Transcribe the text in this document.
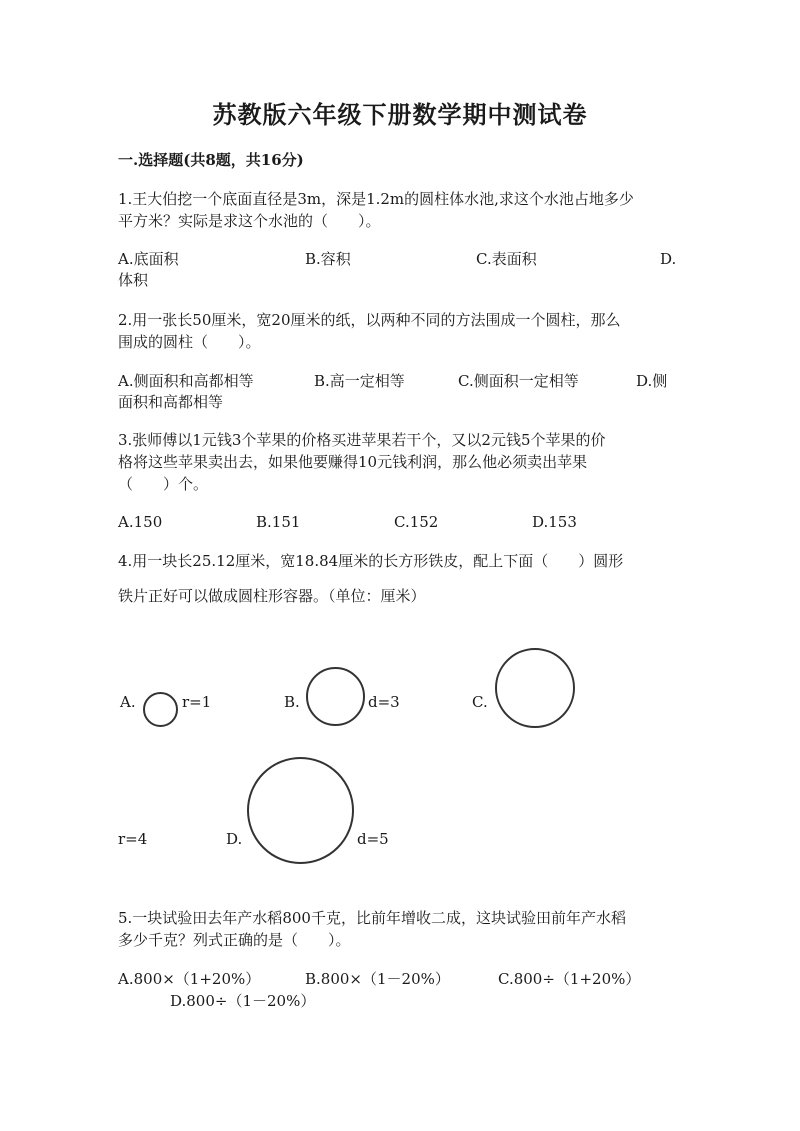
苏教版六年级下册数学期中测试卷
一.选择题(共8题，共16分)
1.王大伯挖一个底面直径是3m，深是1.2m的圆柱体水池,求这个水池占地多少
平方米？实际是求这个水池的（　　）。
A.底面积	B.容积	C.表面积	D.
体积
2.用一张长50厘米，宽20厘米的纸，以两种不同的方法围成一个圆柱，那么
围成的圆柱（　　）。
A.侧面积和高都相等	B.高一定相等	C.侧面积一定相等	D.侧
面积和高都相等
3.张师傅以1元钱3个苹果的价格买进苹果若干个，又以2元钱5个苹果的价
格将这些苹果卖出去，如果他要赚得10元钱利润，那么他必须卖出苹果
（　　）个。
A.150	B.151	C.152	D.153
4.用一块长25.12厘米，宽18.84厘米的长方形铁皮，配上下面（　　）圆形
铁片正好可以做成圆柱形容器。（单位：厘米）
A.	r=1	B.	d=3	C.
r=4	D.	d=5
5.一块试验田去年产水稻800千克，比前年增收二成，这块试验田前年产水稻
多少千克？列式正确的是（　　）。
A.800×（1+20%）	B.800×（1－20%）	C.800÷（1+20%）
D.800÷（1－20%）
